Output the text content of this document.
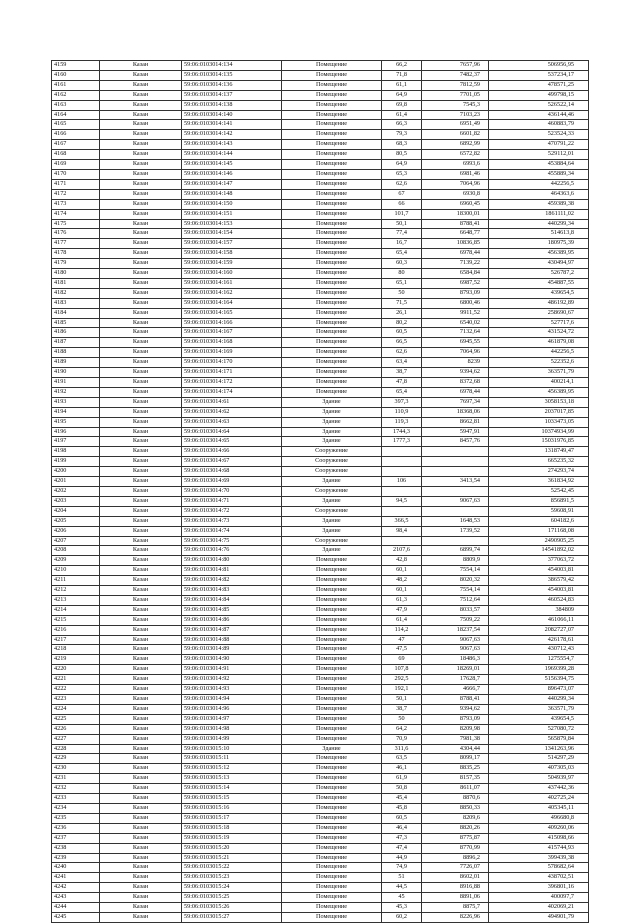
4159	Казан	59:06:0103014:134	Помещение	66,2	7657,96	506956,95
4160	Казан	59:06:0103014:135	Помещение	71,8	7482,37	537234,17
4161	Казан	59:06:0103014:136	Помещение	61,1	7812,59	478571,25
4162	Казан	59:06:0103014:137	Помещение	64,9	7701,05	499798,15
4163	Казан	59:06:0103014:138	Помещение	69,8	7545,3	526522,14
4164	Казан	59:06:0103014:140	Помещение	61,4	7103,23	436144,46
4165	Казан	59:06:0103014:141	Помещение	66,3	6951,49	460883,79
4166	Казан	59:06:0103014:142	Помещение	79,3	6601,82	523524,33
4167	Казан	59:06:0103014:143	Помещение	68,3	6892,99	470791,22
4168	Казан	59:06:0103014:144	Помещение	80,5	6572,82	529112,01
4169	Казан	59:06:0103014:145	Помещение	64,9	6993,6	453884,64
4170	Казан	59:06:0103014:146	Помещение	65,3	6981,46	455889,34
4171	Казан	59:06:0103014:147	Помещение	62,6	7064,96	442256,5
4172	Казан	59:06:0103014:148	Помещение	67	6930,8	464363,6
4173	Казан	59:06:0103014:150	Помещение	66	6960,45	459389,38
4174	Казан	59:06:0103014:151	Помещение	101,7	18300,01	1861111,02
4175	Казан	59:06:0103014:153	Помещение	50,1	8788,41	440299,34
4176	Казан	59:06:0103014:154	Помещение	77,4	6648,77	514613,8
4177	Казан	59:06:0103014:157	Помещение	16,7	10836,85	180975,39
4178	Казан	59:06:0103014:158	Помещение	65,4	6978,44	456389,95
4179	Казан	59:06:0103014:159	Помещение	60,3	7139,22	430494,97
4180	Казан	59:06:0103014:160	Помещение	80	6584,84	526787,2
4181	Казан	59:06:0103014:161	Помещение	65,1	6987,52	454887,55
4182	Казан	59:06:0103014:162	Помещение	50	8793,09	439654,5
4183	Казан	59:06:0103014:164	Помещение	71,5	6800,46	486192,89
4184	Казан	59:06:0103014:165	Помещение	26,1	9911,52	258690,67
4185	Казан	59:06:0103014:166	Помещение	80,2	6540,02	527717,6
4186	Казан	59:06:0103014:167	Помещение	60,5	7132,64	431524,72
4187	Казан	59:06:0103014:168	Помещение	66,5	6945,55	461879,08
4188	Казан	59:06:0103014:169	Помещение	62,6	7064,96	442256,5
4189	Казан	59:06:0103014:170	Помещение	63,4	8239	522352,6
4190	Казан	59:06:0103014:171	Помещение	38,7	9394,62	363571,79
4191	Казан	59:06:0103014:172	Помещение	47,8	8372,68	400214,1
4192	Казан	59:06:0103014:174	Помещение	65,4	6978,44	456389,95
4193	Казан	59:06:0103014:61	Здание	397,3	7697,34	3058153,18
4194	Казан	59:06:0103014:62	Здание	110,9	18368,06	2037017,85
4195	Казан	59:06:0103014:63	Здание	119,3	8662,81	1033473,05
4196	Казан	59:06:0103014:64	Здание	1744,3	5947,91	10374934,99
4197	Казан	59:06:0103014:65	Здание	1777,3	8457,76	15031976,85
4198	Казан	59:06:0103014:66	Сооружение			1318749,47
4199	Казан	59:06:0103014:67	Сооружение			665235,32
4200	Казан	59:06:0103014:68	Сооружение			274293,74
4201	Казан	59:06:0103014:69	Здание	106	3413,54	361834,92
4202	Казан	59:06:0103014:70	Сооружение			52542,45
4203	Казан	59:06:0103014:71	Здание	94,5	9067,63	856891,5
4204	Казан	59:06:0103014:72	Сооружение			59608,91
4205	Казан	59:06:0103014:73	Здание	366,5	1648,53	604182,6
4206	Казан	59:06:0103014:74	Здание	98,4	1739,52	171168,08
4207	Казан	59:06:0103014:75	Сооружение			2490905,25
4208	Казан	59:06:0103014:76	Здание	2107,6	6899,74	14541892,02
4209	Казан	59:06:0103014:80	Помещение	42,8	8809,9	377063,72
4210	Казан	59:06:0103014:81	Помещение	60,1	7554,14	454003,81
4211	Казан	59:06:0103014:82	Помещение	48,2	8020,32	386579,42
4212	Казан	59:06:0103014:83	Помещение	60,1	7554,14	454003,81
4213	Казан	59:06:0103014:84	Помещение	61,3	7512,64	460524,83
4214	Казан	59:06:0103014:85	Помещение	47,9	8033,57	384809
4215	Казан	59:06:0103014:86	Помещение	61,4	7509,22	461066,11
4216	Казан	59:06:0103014:87	Помещение	114,2	18237,54	2082727,07
4217	Казан	59:06:0103014:88	Помещение	47	9067,63	426178,61
4218	Казан	59:06:0103014:89	Помещение	47,5	9067,63	430712,43
4219	Казан	59:06:0103014:90	Помещение	69	18486,3	1275554,7
4220	Казан	59:06:0103014:91	Помещение	107,8	18269,01	1969399,28
4221	Казан	59:06:0103014:92	Помещение	292,5	17628,7	5156394,75
4222	Казан	59:06:0103014:93	Помещение	192,1	4666,7	896473,07
4223	Казан	59:06:0103014:94	Помещение	50,1	8788,41	440299,34
4224	Казан	59:06:0103014:96	Помещение	38,7	9394,62	363571,79
4225	Казан	59:06:0103014:97	Помещение	50	8793,09	439654,5
4226	Казан	59:06:0103014:98	Помещение	64,2	8209,98	527080,72
4227	Казан	59:06:0103014:99	Помещение	70,9	7981,38	565879,84
4228	Казан	59:06:0103015:10	Здание	311,6	4304,44	1341263,96
4229	Казан	59:06:0103015:11	Помещение	63,5	8099,17	514297,29
4230	Казан	59:06:0103015:12	Помещение	46,1	8835,25	407305,03
4231	Казан	59:06:0103015:13	Помещение	61,9	8157,35	504939,97
4232	Казан	59:06:0103015:14	Помещение	50,8	8611,07	437442,36
4233	Казан	59:06:0103015:15	Помещение	45,4	8870,6	402725,24
4234	Казан	59:06:0103015:16	Помещение	45,8	8850,33	405345,11
4235	Казан	59:06:0103015:17	Помещение	60,5	8209,6	496680,8
4236	Казан	59:06:0103015:18	Помещение	46,4	8820,26	409260,06
4237	Казан	59:06:0103015:19	Помещение	47,3	8775,87	415098,66
4238	Казан	59:06:0103015:20	Помещение	47,4	8770,99	415744,93
4239	Казан	59:06:0103015:21	Помещение	44,9	8896,2	399439,38
4240	Казан	59:06:0103015:22	Помещение	74,9	7726,07	578682,64
4241	Казан	59:06:0103015:23	Помещение	51	8602,01	438702,51
4242	Казан	59:06:0103015:24	Помещение	44,5	8916,88	396801,16
4243	Казан	59:06:0103015:25	Помещение	45	8891,06	400097,7
4244	Казан	59:06:0103015:26	Помещение	45,3	8875,7	402069,21
4245	Казан	59:06:0103015:27	Помещение	60,2	8226,96	494901,79
